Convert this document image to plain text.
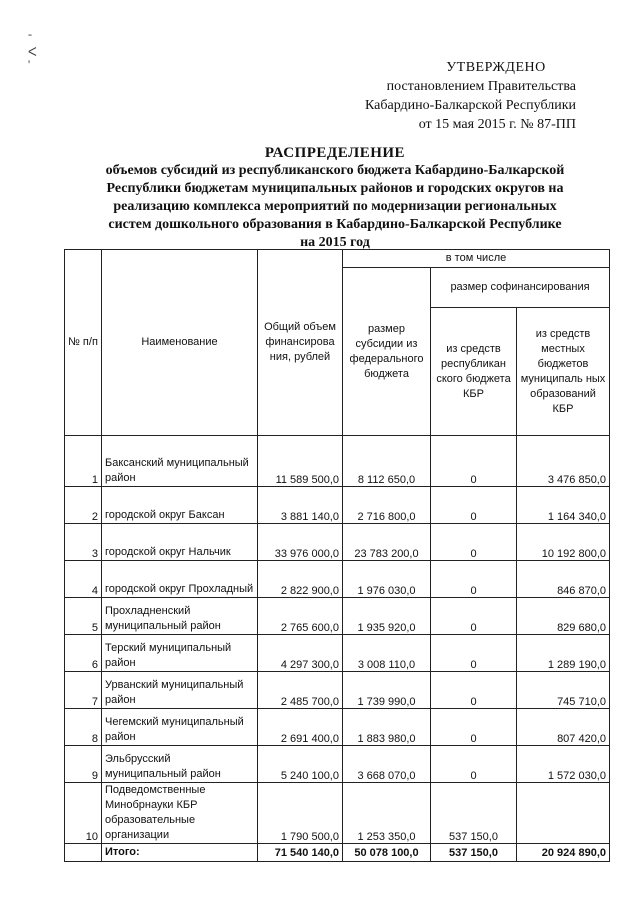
-
ᐸ
'	УТВЕРЖДЕНО
постановлением Правительства
Кабардино-Балкарской Республики
от 15 мая 2015 г. № 87-ПП
РАСПРЕДЕЛЕНИЕ
объемов субсидий из республиканского бюджета Кабардино-Балкарской
Республики бюджетам муниципальных районов и городских округов на
реализацию комплекса мероприятий по модернизации региональных
систем дошкольного образования в Кабардино-Балкарской Республике
на 2015 год
№ п/п	Наименование	Общий объем финансирова ния, рублей	в том числе		
			размер субсидии из федерального бюджета	размер софинансирования	
				из средств республикан ского бюджета КБР	из средств местных бюджетов муниципаль ных образований КБР
1	Баксанский муниципальный район	11 589 500,0	8 112 650,0	0	3 476 850,0
2	городской округ Баксан	3 881 140,0	2 716 800,0	0	1 164 340,0
3	городской округ Нальчик	33 976 000,0	23 783 200,0	0	10 192 800,0
4	городской округ Прохладный	2 822 900,0	1 976 030,0	0	846 870,0
5	Прохладненский муниципальный район	2 765 600,0	1 935 920,0	0	829 680,0
6	Терский муниципальный район	4 297 300,0	3 008 110,0	0	1 289 190,0
7	Урванский муниципальный район	2 485 700,0	1 739 990,0	0	745 710,0
8	Чегемский муниципальный район	2 691 400,0	1 883 980,0	0	807 420,0
9	Эльбрусский муниципальный район	5 240 100,0	3 668 070,0	0	1 572 030,0
10	Подведомственные Минобрнауки КБР образовательные организации	1 790 500,0	1 253 350,0	537 150,0	
	Итого:	71 540 140,0	50 078 100,0	537 150,0	20 924 890,0
